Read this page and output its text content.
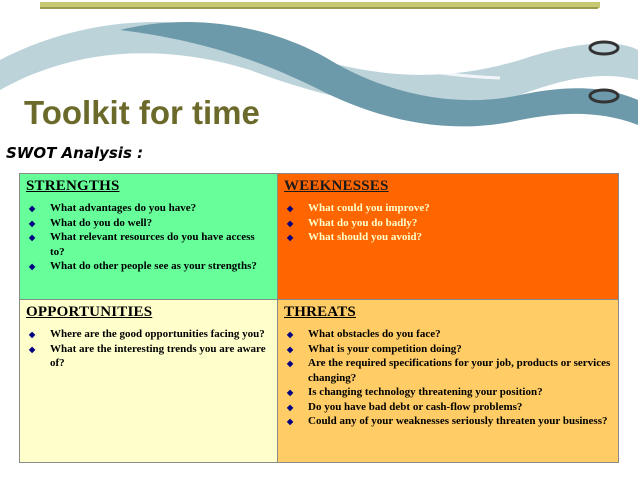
Toolkit for time
SWOT Analysis :
STRENGTHS
◆ What advantages do you have?
◆ What do you do well?
◆ What relevant resources do you have access to?
◆ What do other people see as your strengths?
WEEKNESSES
◆ What could you improve?
◆ What do you do badly?
◆ What should you avoid?
OPPORTUNITIES
◆ Where are the good opportunities facing you?
◆ What are the interesting trends you are aware of?
THREATS
◆ What obstacles do you face?
◆ What is your competition doing?
◆ Are the required specifications for your job, products or services changing?
◆ Is changing technology threatening your position?
◆ Do you have bad debt or cash-flow problems?
◆ Could any of your weaknesses seriously threaten your business?
